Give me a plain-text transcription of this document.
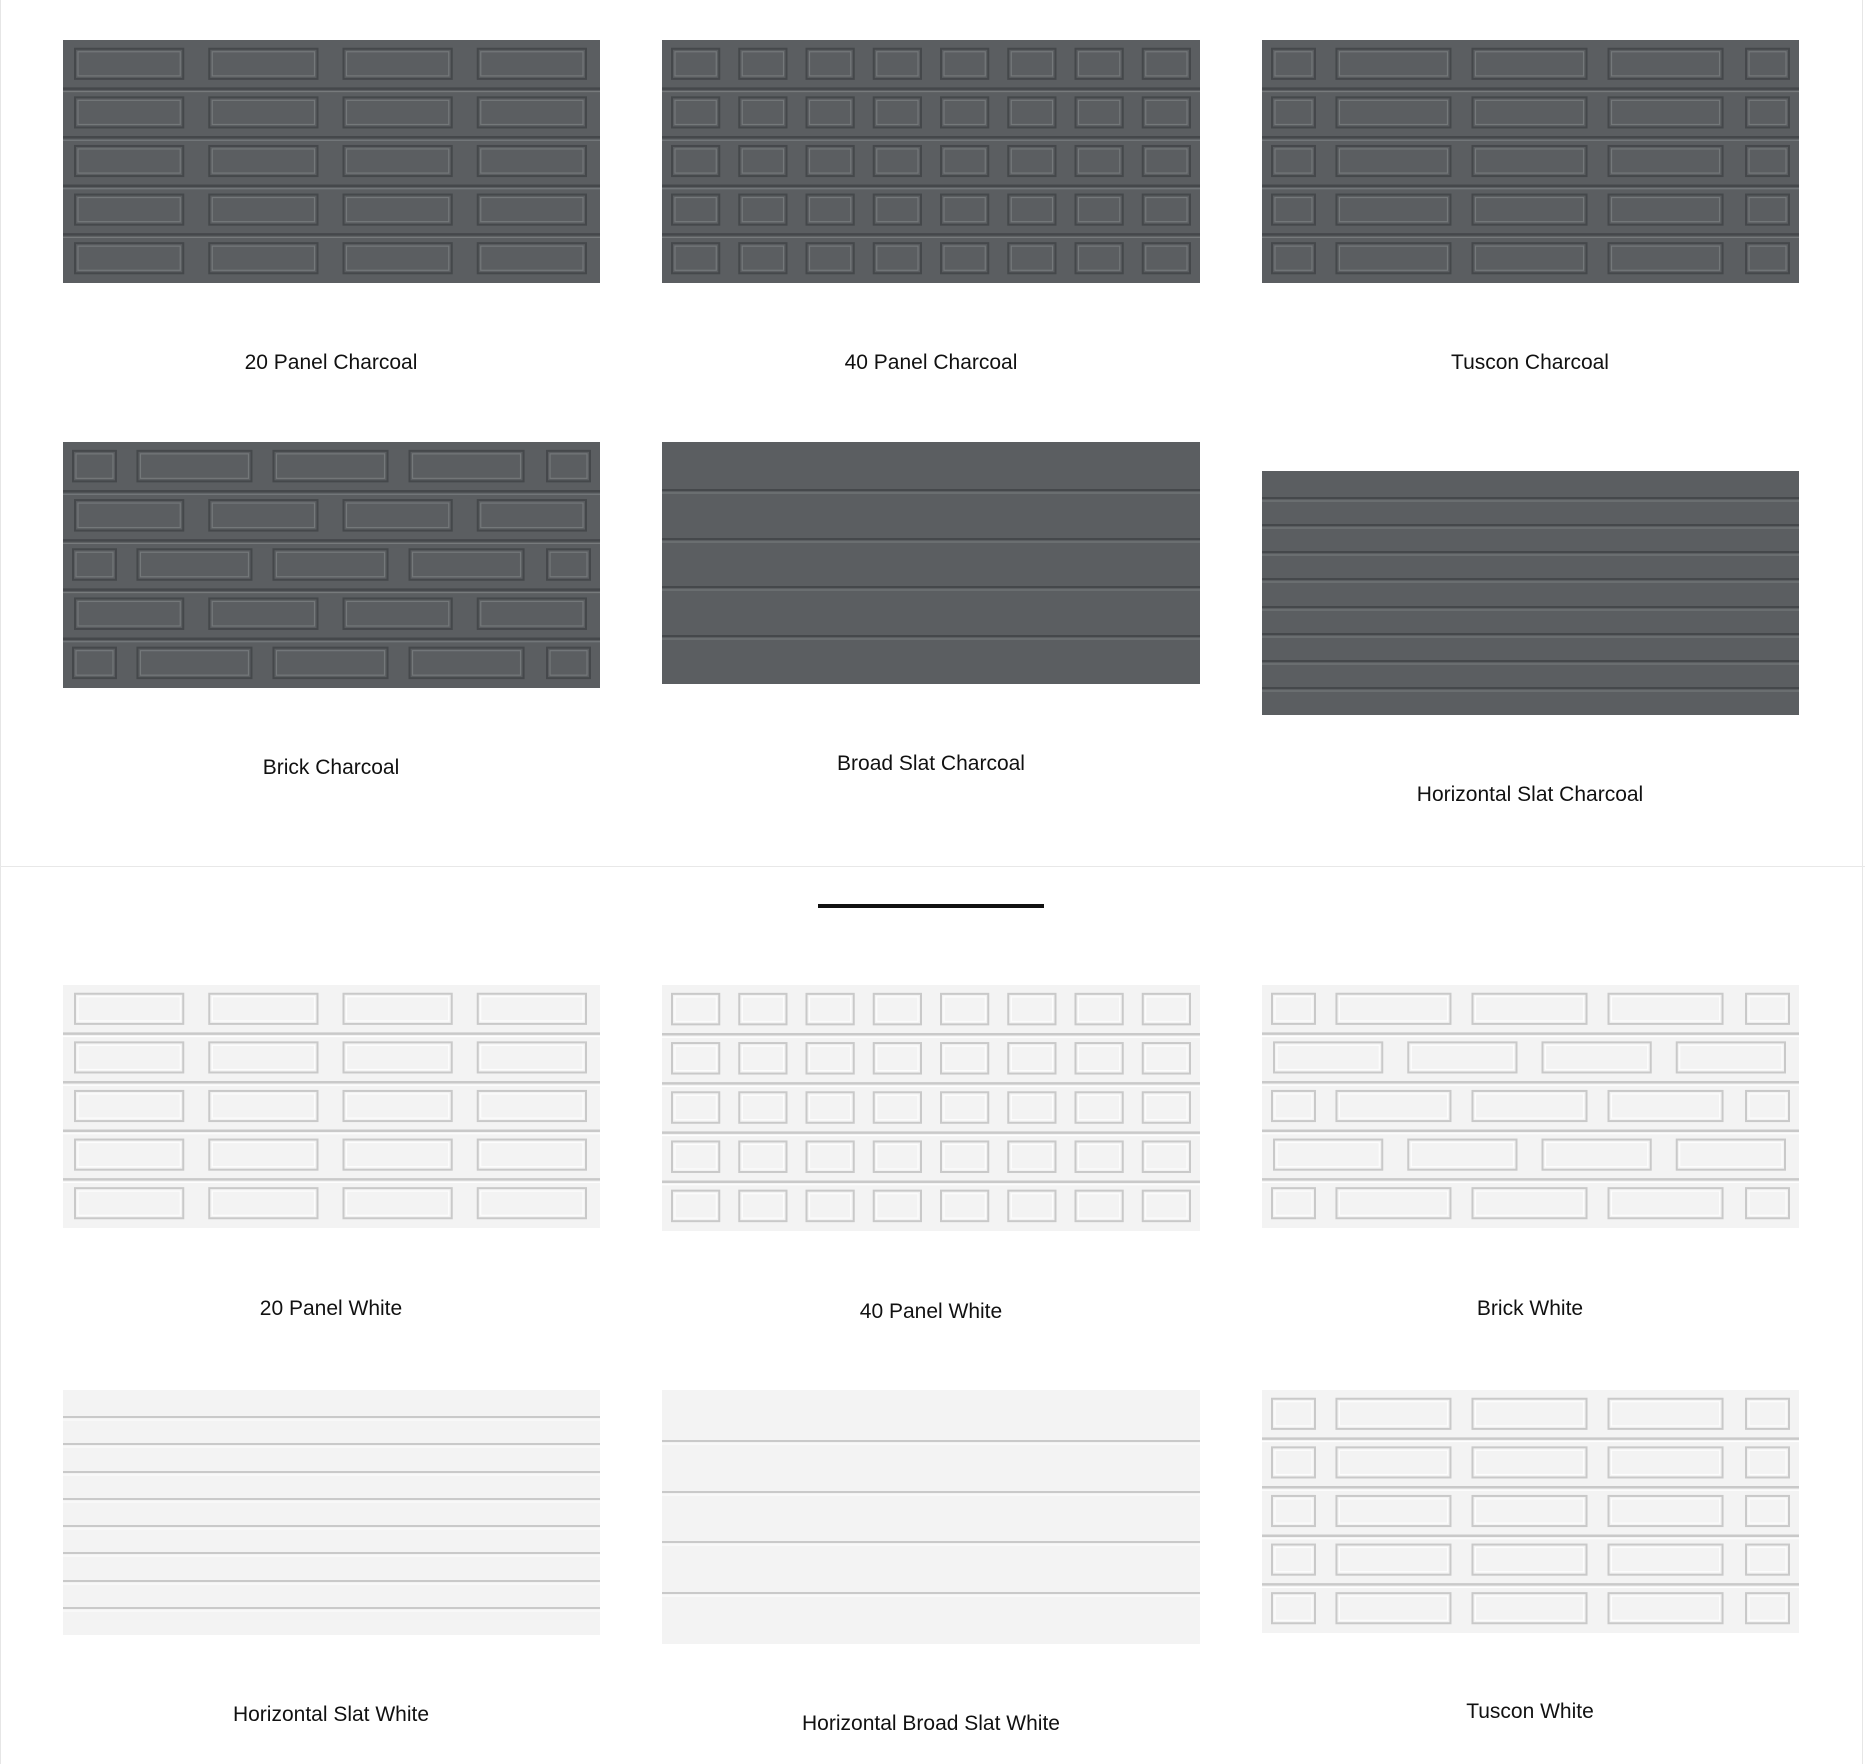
20 Panel Charcoal	40 Panel Charcoal	Tuscon Charcoal
Brick Charcoal	Broad Slat Charcoal
Horizontal Slat Charcoal
20 Panel White	40 Panel White	Brick White
Horizontal Slat White	Horizontal Broad Slat White
Tuscon White
